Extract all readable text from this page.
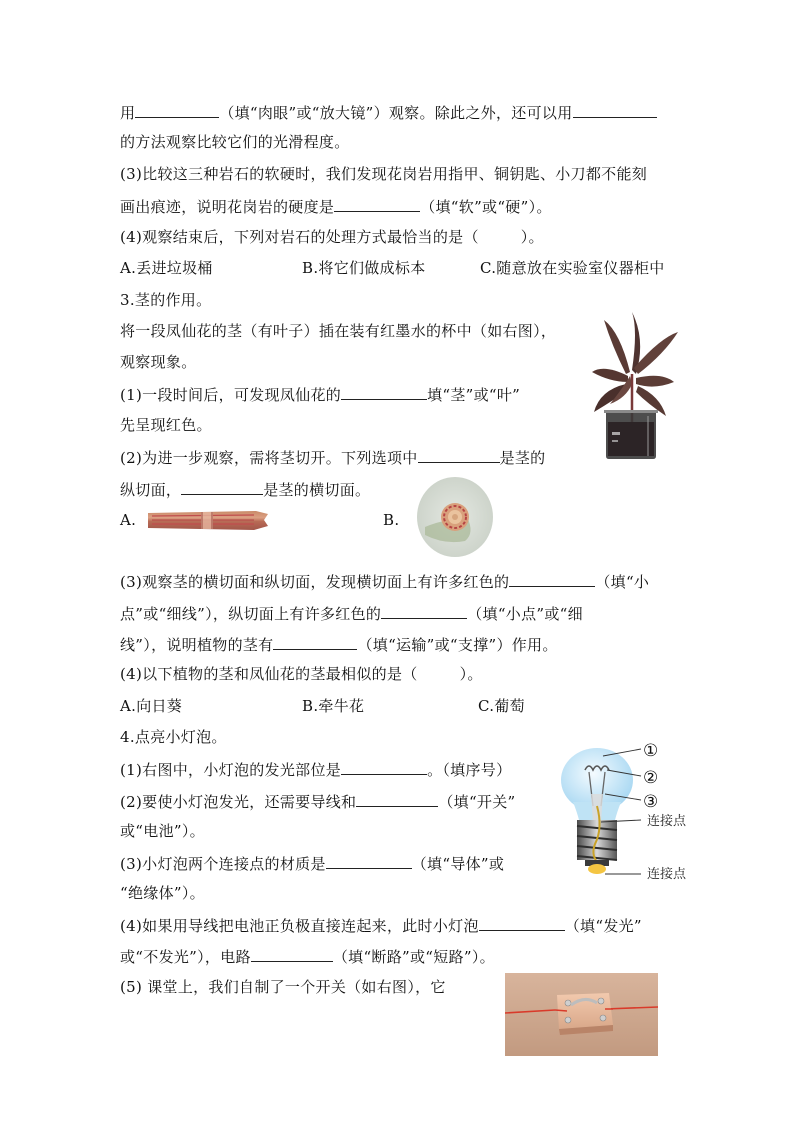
用	（填“肉眼”或“放大镜”）观察。除此之外，还可以用
的方法观察比较它们的光滑程度。
(3)比较这三种岩石的软硬时，我们发现花岗岩用指甲、铜钥匙、小刀都不能刻
画出痕迹，说明花岗岩的硬度是	（填“软”或“硬”）。
(4)观察结束后，下列对岩石的处理方式最恰当的是（	）。
A.丢进垃圾桶	B.将它们做成标本	C.随意放在实验室仪器柜中
3.茎的作用。
将一段凤仙花的茎（有叶子）插在装有红墨水的杯中（如右图），
观察现象。
(1)一段时间后，可发现凤仙花的	填“茎”或“叶”
先呈现红色。
(2)为进一步观察，需将茎切开。下列选项中	是茎的
纵切面，	是茎的横切面。
A.	B.
(3)观察茎的横切面和纵切面，发现横切面上有许多红色的	（填“小
点”或“细线”），纵切面上有许多红色的	（填“小点”或“细
线”），说明植物的茎有	（填“运输”或“支撑”）作用。
(4)以下植物的茎和凤仙花的茎最相似的是（	）。
A.向日葵	B.牵牛花	C.葡萄
4.点亮小灯泡。
(1)右图中，小灯泡的发光部位是	。（填序号）
(2)要使小灯泡发光，还需要导线和	（填“开关”
或“电池”）。
(3)小灯泡两个连接点的材质是	（填“导体”或
“绝缘体”）。
(4)如果用导线把电池正负极直接连起来，此时小灯泡	（填“发光”
或“不发光”），电路	（填“断路”或“短路”）。
(5) 课堂上，我们自制了一个开关（如右图），它
①
②
③
连接点
连接点
